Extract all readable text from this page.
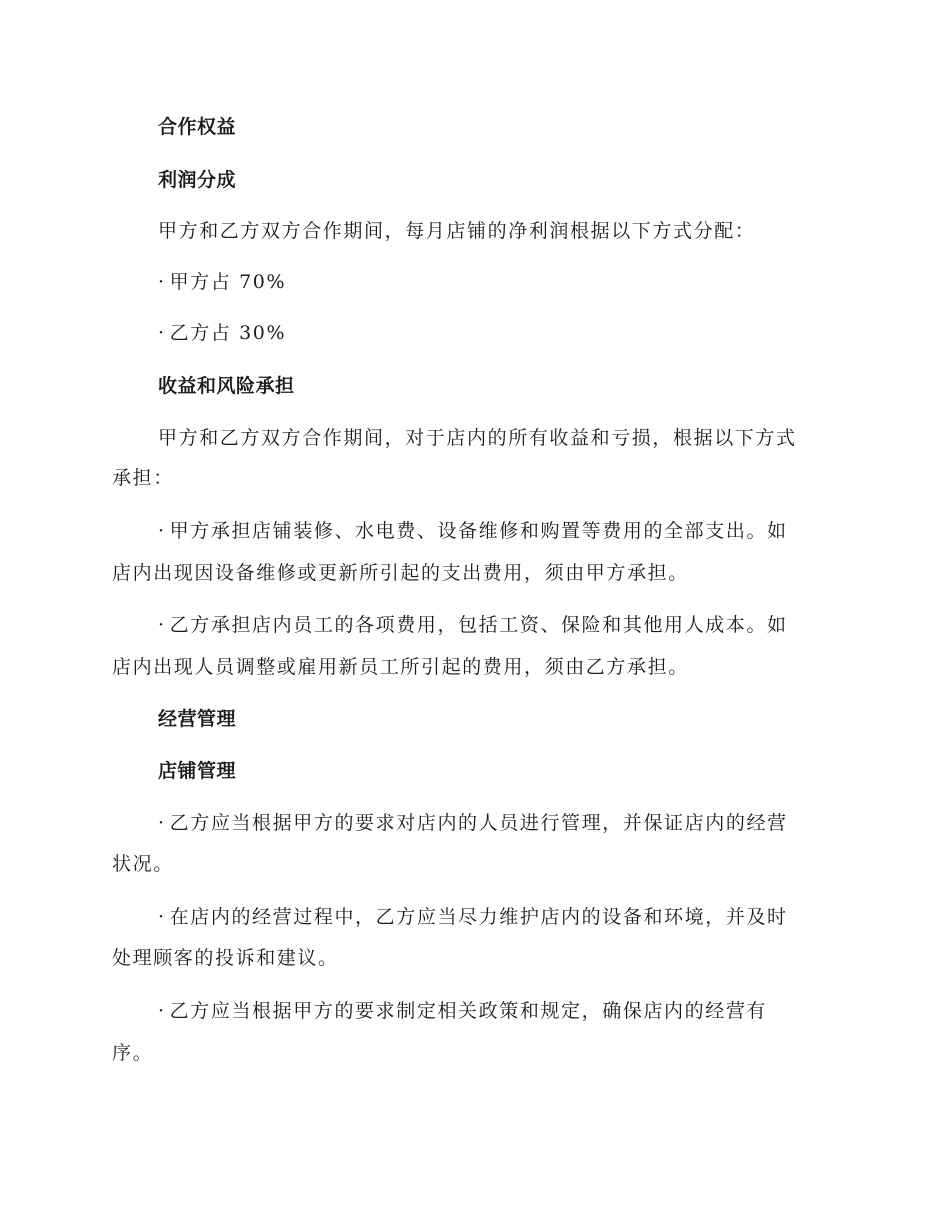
合作权益
利润分成
甲方和乙方双方合作期间，每月店铺的净利润根据以下方式分配：
· 甲方占 70%
· 乙方占 30%
收益和风险承担
甲方和乙方双方合作期间，对于店内的所有收益和亏损，根据以下方式
承担：
· 甲方承担店铺装修、水电费、设备维修和购置等费用的全部支出。如
店内出现因设备维修或更新所引起的支出费用，须由甲方承担。
· 乙方承担店内员工的各项费用，包括工资、保险和其他用人成本。如
店内出现人员调整或雇用新员工所引起的费用，须由乙方承担。
经营管理
店铺管理
· 乙方应当根据甲方的要求对店内的人员进行管理，并保证店内的经营
状况。
· 在店内的经营过程中，乙方应当尽力维护店内的设备和环境，并及时
处理顾客的投诉和建议。
· 乙方应当根据甲方的要求制定相关政策和规定，确保店内的经营有
序。
